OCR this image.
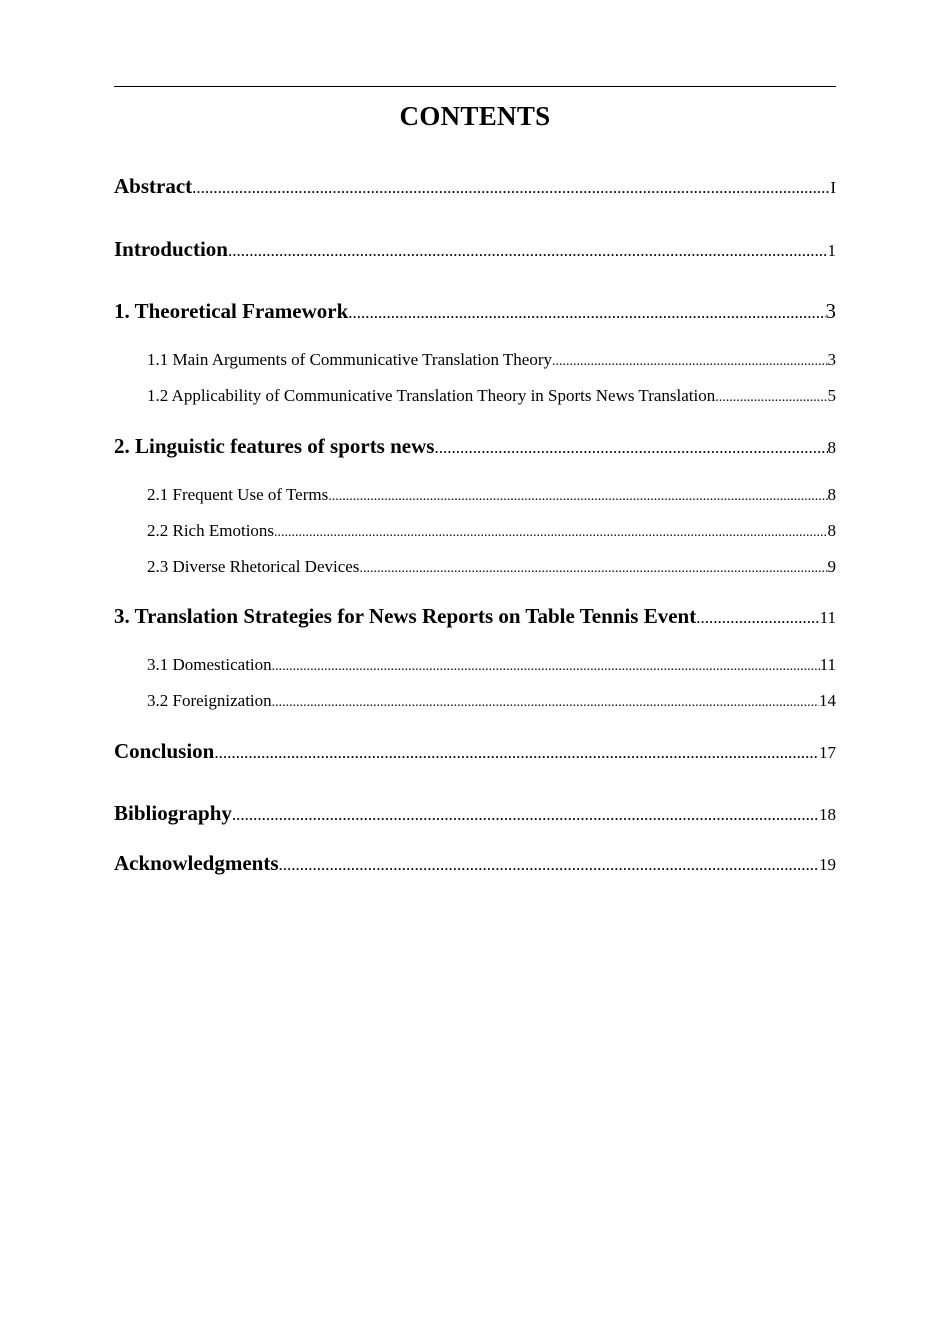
CONTENTS
Abstract .....	I
Introduction .....	1
1. Theoretical Framework .....	3
1.1 Main Arguments of Communicative Translation Theory .....	3
1.2 Applicability of Communicative Translation Theory in Sports News Translation .....	5
2. Linguistic features of sports news .....	8
2.1 Frequent Use of Terms .....	8
2.2 Rich Emotions .....	8
2.3 Diverse Rhetorical Devices .....	9
3. Translation Strategies for News Reports on Table Tennis Event .....	11
3.1 Domestication .....	11
3.2 Foreignization .....	14
Conclusion .....	17
Bibliography .....	18
Acknowledgments .....	19
